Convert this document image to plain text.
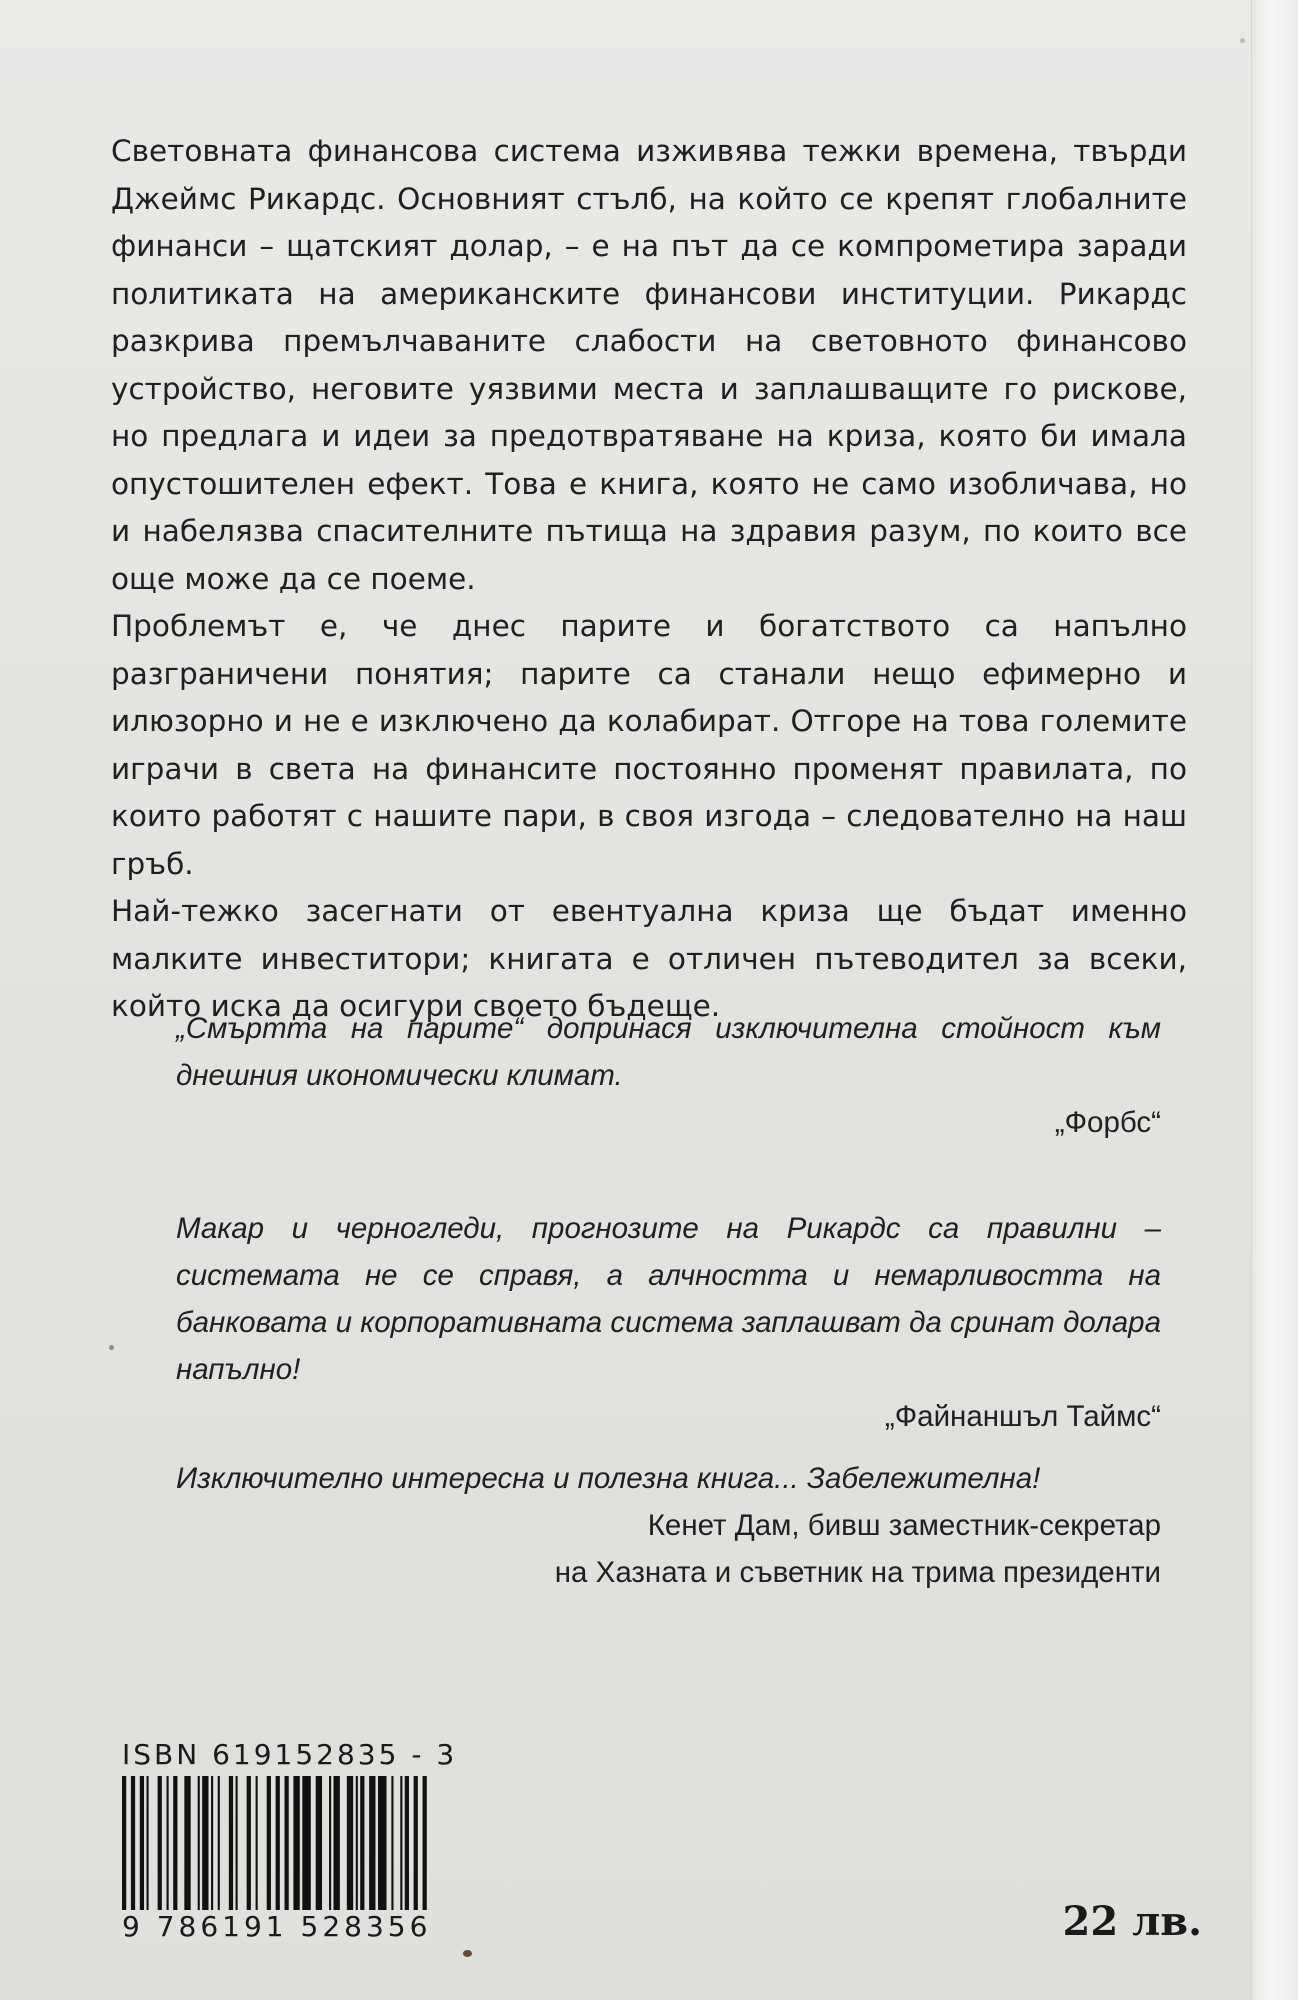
Световната финансова система изживява тежки времена, твърди Джеймс Рикардс. Основният стълб, на който се крепят глобалните финанси – щатският долар, – е на път да се компрометира заради политиката на американските финансови институции. Рикардс разкрива премълчаваните слабости на световното финансово устройство, неговите уязвими места и заплашващите го рискове, но предлага и идеи за предотвратяване на криза, която би имала опустошителен ефект. Това е книга, която не само изобличава, но и набелязва спасителните пътища на здравия разум, по които все още може да се поеме.

Проблемът е, че днес парите и богатството са напълно разграничени понятия; парите са станали нещо ефимерно и илюзорно и не е изключено да колабират. Отгоре на това големите играчи в света на финансите постоянно променят правилата, по които работят с нашите пари, в своя изгода – следователно на наш гръб.

Най-тежко засегнати от евентуална криза ще бъдат именно малките инвеститори; книгата е отличен пътеводител за всеки, който иска да осигури своето бъдеще.

„Смъртта на парите“ допринася изключителна стойност към днешния икономически климат.

„Форбс“

Макар и черногледи, прогнозите на Рикардс са правилни – системата не се справя, а алчността и немарливостта на банковата и корпоративната система заплашват да сринат долара напълно!

„Файнаншъл Таймс“

Изключително интересна и полезна книга... Забележителна!

Кенет Дам, бивш заместник-секретар

на Хазната и съветник на трима президенти

ISBN 619152835 - 3
9 786191 528356	22 лв.
